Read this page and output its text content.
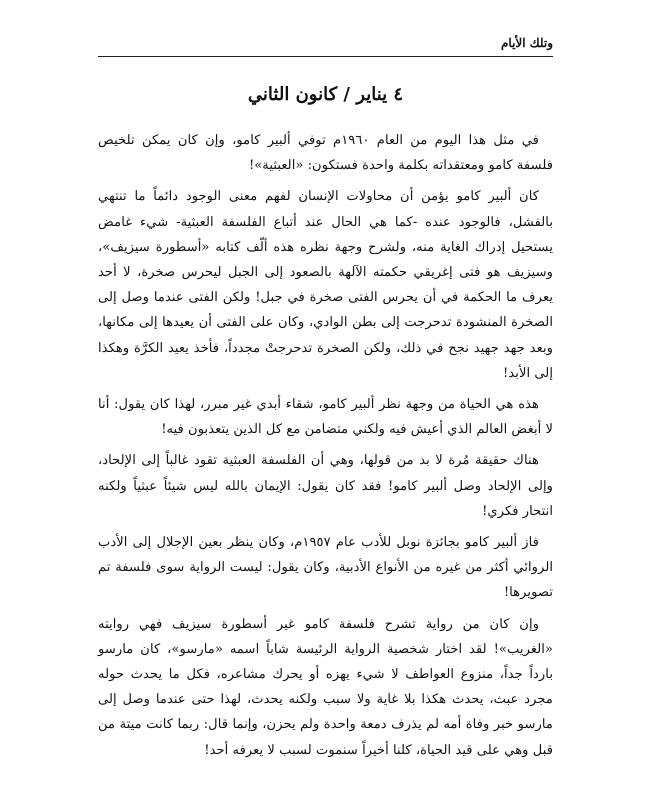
وتلك الأيام
٤ يناير / كانون الثاني

في مثل هذا اليوم من العام ١٩٦٠م توفي ألبير كامو، وإن كان يمكن تلخيص فلسفة كامو ومعتقداته بكلمة واحدة فستكون: «العبثية»!

كان ألبير كامو يؤمن أن محاولات الإنسان لفهم معنى الوجود دائماً ما تنتهي بالفشل، فالوجود عنده -كما هي الحال عند أتباع الفلسفة العبثية- شيء غامض يستحيل إدراك الغاية منه، ولشرح وجهة نظره هذه ألّف كتابه «أسطورة سيزيف»، وسيزيف هو فتى إغريقي حكمته الآلهة بالصعود إلى الجبل ليحرس صخرة، لا أحد يعرف ما الحكمة في أن يحرس الفتى صخرة في جبل! ولكن الفتى عندما وصل إلى الصخرة المنشودة تدحرجت إلى بطن الوادي، وكان على الفتى أن يعيدها إلى مكانها، وبعد جهد جهيد نجح في ذلك، ولكن الصخرة تدحرجتْ مجدداً، فأخذ يعيد الكرَّة وهكذا إلى الأبد!

هذه هي الحياة من وجهة نظر ألبير كامو، شقاء أبدي غير مبرر، لهذا كان يقول: أنا لا أبغض العالم الذي أعيش فيه ولكني متضامن مع كل الذين يتعذبون فيه!

هناك حقيقة مُرة لا بد من قولها، وهي أن الفلسفة العبثية تقود غالباً إلى الإلحاد، وإلى الإلحاد وصل ألبير كامو! فقد كان يقول: الإيمان بالله ليس شيئاً عبثياً ولكنه انتحار فكري!

فاز ألبير كامو بجائزة نوبل للأدب عام ١٩٥٧م، وكان ينظر بعين الإجلال إلى الأدب الروائي أكثر من غيره من الأنواع الأدبية، وكان يقول: ليست الرواية سوى فلسفة تم تصويرها!

وإن كان من رواية تشرح فلسفة كامو غير أسطورة سيزيف فهي روايته «الغريب»! لقد اختار شخصية الرواية الرئيسة شاباً اسمه «مارسو»، كان مارسو بارداً جداً، منزوع العواطف لا شيء يهزه أو يحرك مشاعره، فكل ما يحدث حوله مجرد عبث، يحدث هكذا بلا غاية ولا سبب ولكنه يحدث، لهذا حتى عندما وصل إلى مارسو خبر وفاة أمه لم يذرف دمعة واحدة ولم يحزن، وإنما قال: ربما كانت ميتة من قبل وهي على قيد الحياة، كلنا أخيراً سنموت لسبب لا يعرفه أحد!
